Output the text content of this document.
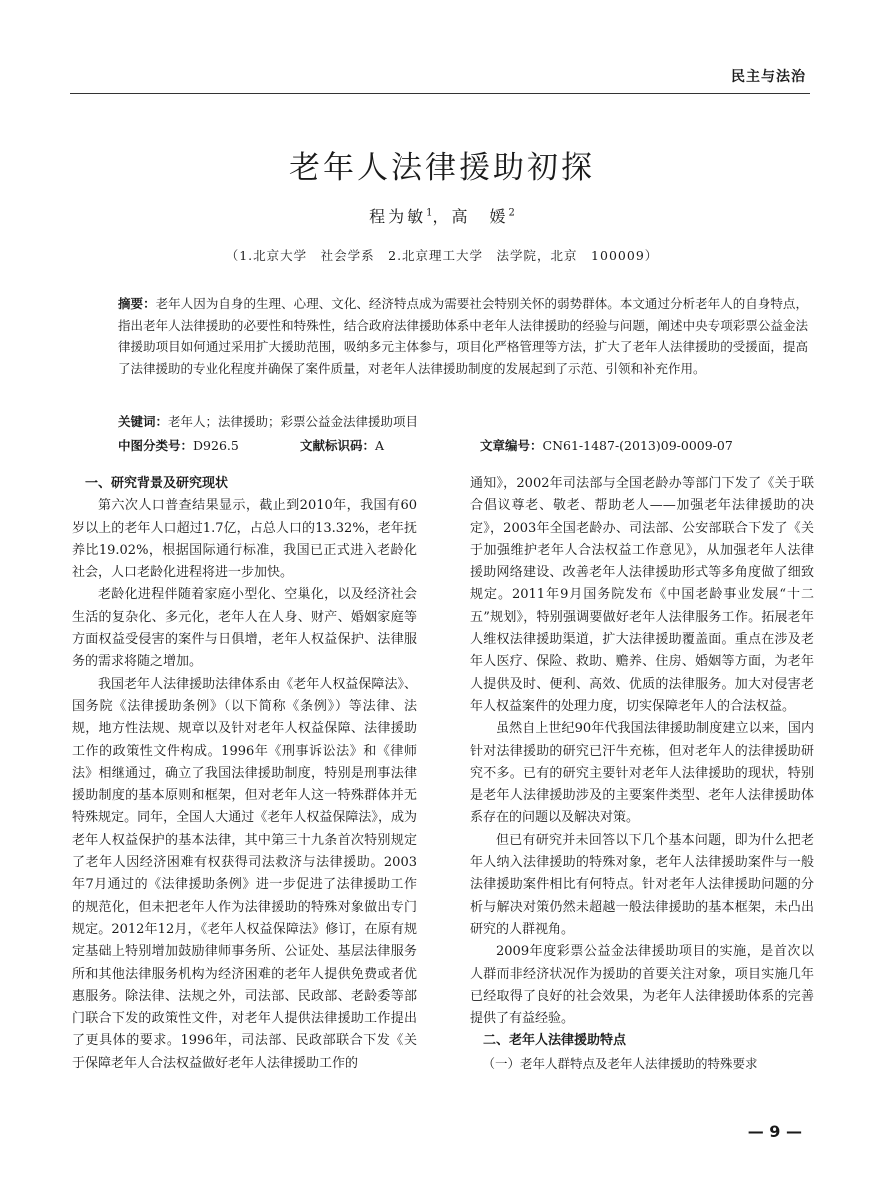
民主与法治
老年人法律援助初探
程为敏$^1$，高　媛$^2$
（1.北京大学　社会学系　2.北京理工大学　法学院，北京　100009）

摘要：老年人因为自身的生理、心理、文化、经济特点成为需要社会特别关怀的弱势群体。本文通过分析老年人的自身特点，指出老年人法律援助的必要性和特殊性，结合政府法律援助体系中老年人法律援助的经验与问题，阐述中央专项彩票公益金法律援助项目如何通过采用扩大援助范围，吸纳多元主体参与，项目化严格管理等方法，扩大了老年人法律援助的受援面，提高了法律援助的专业化程度并确保了案件质量，对老年人法律援助制度的发展起到了示范、引领和补充作用。

关键词：老年人；法律援助；彩票公益金法律援助项目
中图分类号：D926.5	文献标识码：A	文章编号：CN61-1487-(2013)09-0009-07
一、研究背景及研究现状

第六次人口普查结果显示，截止到2010年，我国有60岁以上的老年人口超过1.7亿，占总人口的13.32%，老年抚养比19.02%，根据国际通行标准，我国已正式进入老龄化社会，人口老龄化进程将进一步加快。

老龄化进程伴随着家庭小型化、空巢化，以及经济社会生活的复杂化、多元化，老年人在人身、财产、婚姻家庭等方面权益受侵害的案件与日俱增，老年人权益保护、法律服务的需求将随之增加。

我国老年人法律援助法律体系由《老年人权益保障法》、国务院《法律援助条例》（以下简称《条例》）等法律、法规，地方性法规、规章以及针对老年人权益保障、法律援助工作的政策性文件构成。1996年《刑事诉讼法》和《律师法》相继通过，确立了我国法律援助制度，特别是刑事法律援助制度的基本原则和框架，但对老年人这一特殊群体并无特殊规定。同年，全国人大通过《老年人权益保障法》，成为老年人权益保护的基本法律，其中第三十九条首次特别规定了老年人因经济困难有权获得司法救济与法律援助。2003年7月通过的《法律援助条例》进一步促进了法律援助工作的规范化，但未把老年人作为法律援助的特殊对象做出专门规定。2012年12月，《老年人权益保障法》修订，在原有规定基础上特别增加鼓励律师事务所、公证处、基层法律服务所和其他法律服务机构为经济困难的老年人提供免费或者优惠服务。除法律、法规之外，司法部、民政部、老龄委等部门联合下发的政策性文件，对老年人提供法律援助工作提出了更具体的要求。1996年，司法部、民政部联合下发《关于保障老年人合法权益做好老年人法律援助工作的

通知》，2002年司法部与全国老龄办等部门下发了《关于联合倡议尊老、敬老、帮助老人——加强老年法律援助的决定》，2003年全国老龄办、司法部、公安部联合下发了《关于加强维护老年人合法权益工作意见》，从加强老年人法律援助网络建设、改善老年人法律援助形式等多角度做了细致规定。2011年9月国务院发布《中国老龄事业发展“十二五”规划》，特别强调要做好老年人法律服务工作。拓展老年人维权法律援助渠道，扩大法律援助覆盖面。重点在涉及老年人医疗、保险、救助、赡养、住房、婚姻等方面，为老年人提供及时、便利、高效、优质的法律服务。加大对侵害老年人权益案件的处理力度，切实保障老年人的合法权益。

虽然自上世纪90年代我国法律援助制度建立以来，国内针对法律援助的研究已汗牛充栋，但对老年人的法律援助研究不多。已有的研究主要针对老年人法律援助的现状，特别是老年人法律援助涉及的主要案件类型、老年人法律援助体系存在的问题以及解决对策。

但已有研究并未回答以下几个基本问题，即为什么把老年人纳入法律援助的特殊对象，老年人法律援助案件与一般法律援助案件相比有何特点。针对老年人法律援助问题的分析与解决对策仍然未超越一般法律援助的基本框架，未凸出研究的人群视角。

2009年度彩票公益金法律援助项目的实施，是首次以人群而非经济状况作为援助的首要关注对象，项目实施几年已经取得了良好的社会效果，为老年人法律援助体系的完善提供了有益经验。

二、老年人法律援助特点
（一）老年人群特点及老年人法律援助的特殊要求
— 9 —
